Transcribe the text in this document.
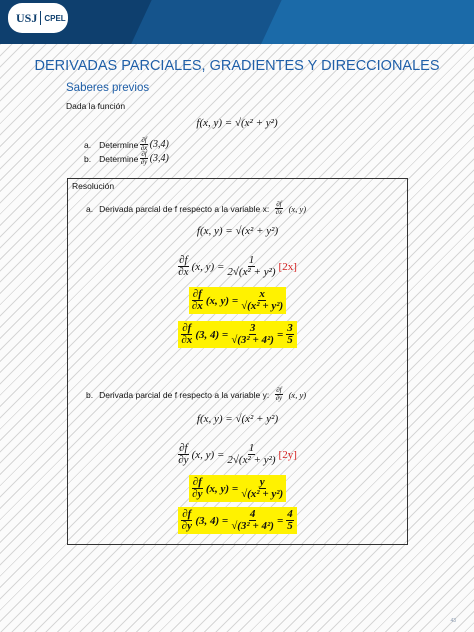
USJ CPEL
DERIVADAS PARCIALES, GRADIENTES Y DIRECCIONALES
Saberes previos
Dada la función
f(x, y) = √(x² + y²)
a. Determine $\frac{\partial f}{\partial x} (3,4)$
b. Determine $\frac{\partial f}{\partial y} (3,4)$
Resolución
a. Derivada parcial de f respecto a la variable x: $\frac{\partial f}{\partial x} (x$, y)
f(x, y) = √(x² + y²)
$\frac{\partial f}{\partial x} (x$, $y) = \frac{1}{\text{2√(x² + y²)}} [2x]$
$\frac{\partial f}{\partial x} (x$, $y) = \frac{x}{\text{√(x² + y²)}}$
$\frac{\partial f}{\partial x} (3$, $4) = \frac{3}{\text{√(3² + 4²)}} = \frac{3}{5}$
b. Derivada parcial de f respecto a la variable y: $\frac{\partial f}{\partial y} (x$, y)
f(x, y) = √(x² + y²)
$\frac{\partial f}{\partial y} (x$, $y) = \frac{1}{\text{2√(x² + y²)}} [2y]$
$\frac{\partial f}{\partial y} (x$, $y) = \frac{y}{\text{√(x² + y²)}}$
$\frac{\partial f}{\partial y} (3$, $4) = \frac{4}{\text{√(3² + 4²)}} = \frac{4}{5}$
43
